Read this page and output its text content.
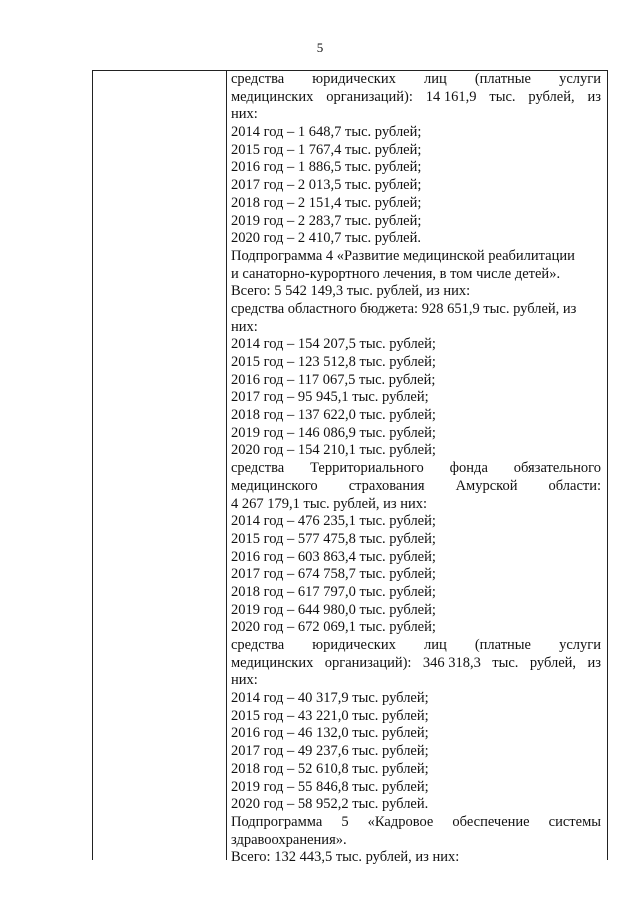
5
средства юридических лиц (платные услуги
медицинских организаций): 14 161,9 тыс. рублей, из
них:
2014 год – 1 648,7 тыс. рублей;
2015 год – 1 767,4 тыс. рублей;
2016 год – 1 886,5 тыс. рублей;
2017 год – 2 013,5 тыс. рублей;
2018 год – 2 151,4 тыс. рублей;
2019 год – 2 283,7 тыс. рублей;
2020 год – 2 410,7 тыс. рублей.
Подпрограмма 4 «Развитие медицинской реабилитации
и санаторно-курортного лечения, в том числе детей».
Всего: 5 542 149,3 тыс. рублей, из них:
средства областного бюджета: 928 651,9 тыс. рублей, из
них:
2014 год – 154 207,5 тыс. рублей;
2015 год – 123 512,8 тыс. рублей;
2016 год – 117 067,5 тыс. рублей;
2017 год – 95 945,1 тыс. рублей;
2018 год – 137 622,0 тыс. рублей;
2019 год – 146 086,9 тыс. рублей;
2020 год – 154 210,1 тыс. рублей;
средства Территориального фонда обязательного
медицинского страхования Амурской области:
4 267 179,1 тыс. рублей, из них:
2014 год – 476 235,1 тыс. рублей;
2015 год – 577 475,8 тыс. рублей;
2016 год – 603 863,4 тыс. рублей;
2017 год – 674 758,7 тыс. рублей;
2018 год – 617 797,0 тыс. рублей;
2019 год – 644 980,0 тыс. рублей;
2020 год – 672 069,1 тыс. рублей;
средства юридических лиц (платные услуги
медицинских организаций): 346 318,3 тыс. рублей, из
них:
2014 год – 40 317,9 тыс. рублей;
2015 год – 43 221,0 тыс. рублей;
2016 год – 46 132,0 тыс. рублей;
2017 год – 49 237,6 тыс. рублей;
2018 год – 52 610,8 тыс. рублей;
2019 год – 55 846,8 тыс. рублей;
2020 год – 58 952,2 тыс. рублей.
Подпрограмма 5 «Кадровое обеспечение системы
здравоохранения».
Всего: 132 443,5 тыс. рублей, из них:
